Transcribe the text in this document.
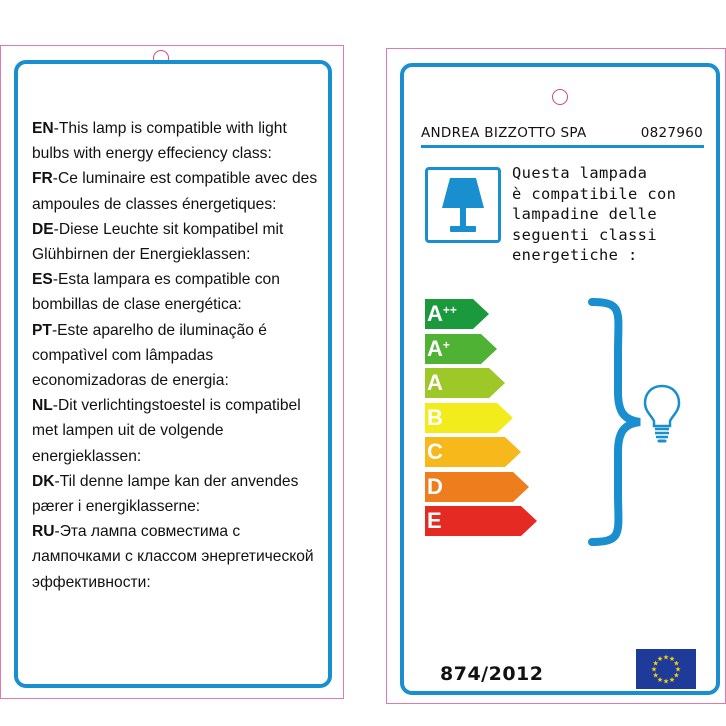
EN-This lamp is compatible with light bulbs with energy effeciency class:

FR-Ce luminaire est compatible avec des ampoules de classes énergetiques:

DE-Diese Leuchte sit kompatibel mit Glühbirnen der Energieklassen:

ES-Esta lampara es compatible con bombillas de clase energética:

PT-Este aparelho de iluminação é compatìvel com lâmpadas economizadoras de energia:

NL-Dit verlichtingstoestel is compatibel met lampen uit de volgende energieklassen:

DK-Til denne lampe kan der anvendes pærer i energiklasserne:

RU-Эта лампа совместима с лампочками с классом энергетической эффективности:

ANDREA BIZZOTTO SPA	0827960

Questa lampada

è compatibile con

lampadine delle

seguenti classi

energetiche :

A++
A+
A
B
C
D
E
874/2012	★
★
★
★
★
★
★
★
★ ★ ★
★
